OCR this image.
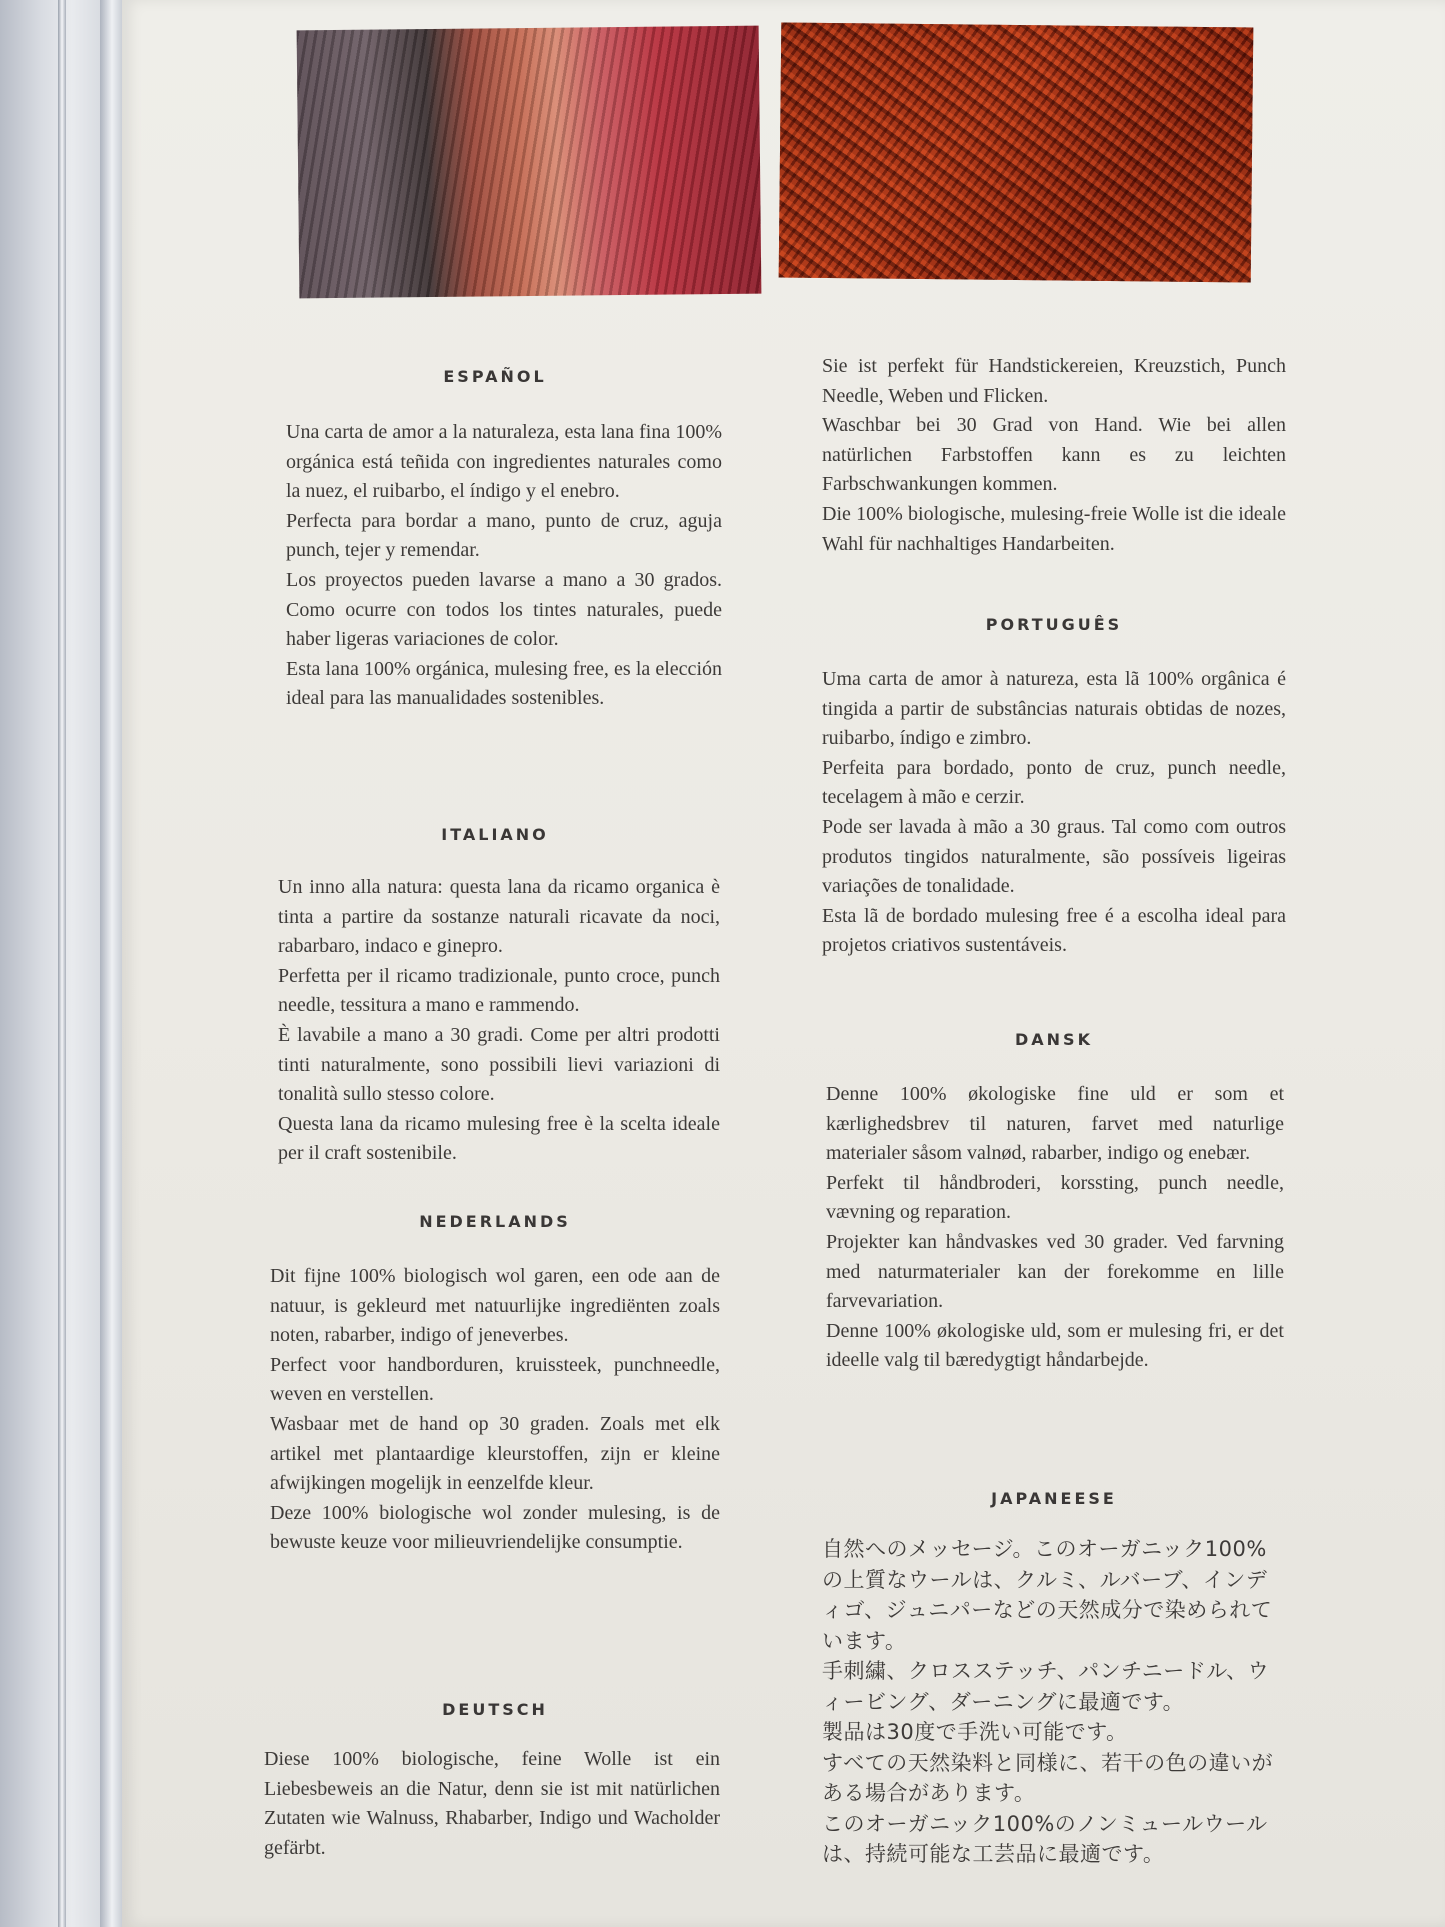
ESPAÑOL

Una carta de amor a la naturaleza, esta lana fina 100% orgánica está teñida con ingredientes naturales como la nuez, el ruibarbo, el índigo y el enebro.

Perfecta para bordar a mano, punto de cruz, aguja punch, tejer y remendar.

Los proyectos pueden lavarse a mano a 30 grados. Como ocurre con todos los tintes naturales, puede haber ligeras variaciones de color.

Esta lana 100% orgánica, mulesing free, es la elección ideal para las manualidades sostenibles.

ITALIANO

Un inno alla natura: questa lana da ricamo organica è tinta a partire da sostanze naturali ricavate da noci, rabarbaro, indaco e ginepro.

Perfetta per il ricamo tradizionale, punto croce, punch needle, tessitura a mano e rammendo.

È lavabile a mano a 30 gradi. Come per altri prodotti tinti naturalmente, sono possibili lievi variazioni di tonalità sullo stesso colore.

Questa lana da ricamo mulesing free è la scelta ideale per il craft sostenibile.

NEDERLANDS

Dit fijne 100% biologisch wol garen, een ode aan de natuur, is gekleurd met natuurlijke ingrediënten zoals noten, rabarber, indigo of jeneverbes.

Perfect voor handborduren, kruissteek, punchneedle, weven en verstellen.

Wasbaar met de hand op 30 graden. Zoals met elk artikel met plantaardige kleurstoffen, zijn er kleine afwijkingen mogelijk in eenzelfde kleur.

Deze 100% biologische wol zonder mulesing, is de bewuste keuze voor milieuvriendelijke consumptie.

DEUTSCH

Diese 100% biologische, feine Wolle ist ein Liebesbeweis an die Natur, denn sie ist mit natürlichen Zutaten wie Walnuss, Rhabarber, Indigo und Wacholder gefärbt.

Sie ist perfekt für Handstickereien, Kreuzstich, Punch Needle, Weben und Flicken.

Waschbar bei 30 Grad von Hand. Wie bei allen natürlichen Farbstoffen kann es zu leichten Farbschwankungen kommen.

Die 100% biologische, mulesing-freie Wolle ist die ideale Wahl für nachhaltiges Handarbeiten.

PORTUGUÊS

Uma carta de amor à natureza, esta lã 100% orgânica é tingida a partir de substâncias naturais obtidas de nozes, ruibarbo, índigo e zimbro.

Perfeita para bordado, ponto de cruz, punch needle, tecelagem à mão e cerzir.

Pode ser lavada à mão a 30 graus. Tal como com outros produtos tingidos naturalmente, são possíveis ligeiras variações de tonalidade.

Esta lã de bordado mulesing free é a escolha ideal para projetos criativos sustentáveis.

DANSK

Denne 100% økologiske fine uld er som et kærlighedsbrev til naturen, farvet med naturlige materialer såsom valnød, rabarber, indigo og enebær.

Perfekt til håndbroderi, korssting, punch needle, vævning og reparation.

Projekter kan håndvaskes ved 30 grader. Ved farvning med naturmaterialer kan der forekomme en lille farvevariation.

Denne 100% økologiske uld, som er mulesing fri, er det ideelle valg til bæredygtigt håndarbejde.

JAPANEESE

自然へのメッセージ。このオーガニック100%の上質なウールは、クルミ、ルバーブ、インディゴ、ジュニパーなどの天然成分で染められています。

手刺繍、クロスステッチ、パンチニードル、ウィービング、ダーニングに最適です。

製品は30度で手洗い可能です。

すべての天然染料と同様に、若干の色の違いがある場合があります。

このオーガニック100%のノンミュールウールは、持続可能な工芸品に最適です。
